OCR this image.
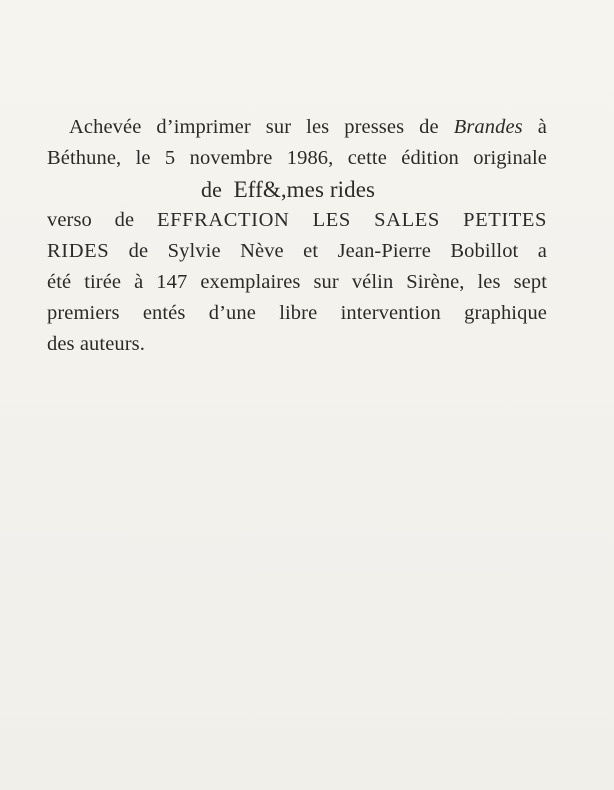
Achevée d’imprimer sur les presses de Brandes à
Béthune, le 5 novembre 1986, cette édition originale
de Eff&,mes rides
verso de EFFRACTION LES SALES PETITES
RIDES de Sylvie Nève et Jean-Pierre Bobillot a
été tirée à 147 exemplaires sur vélin Sirène, les sept
premiers entés d’une libre intervention graphique
des auteurs.
